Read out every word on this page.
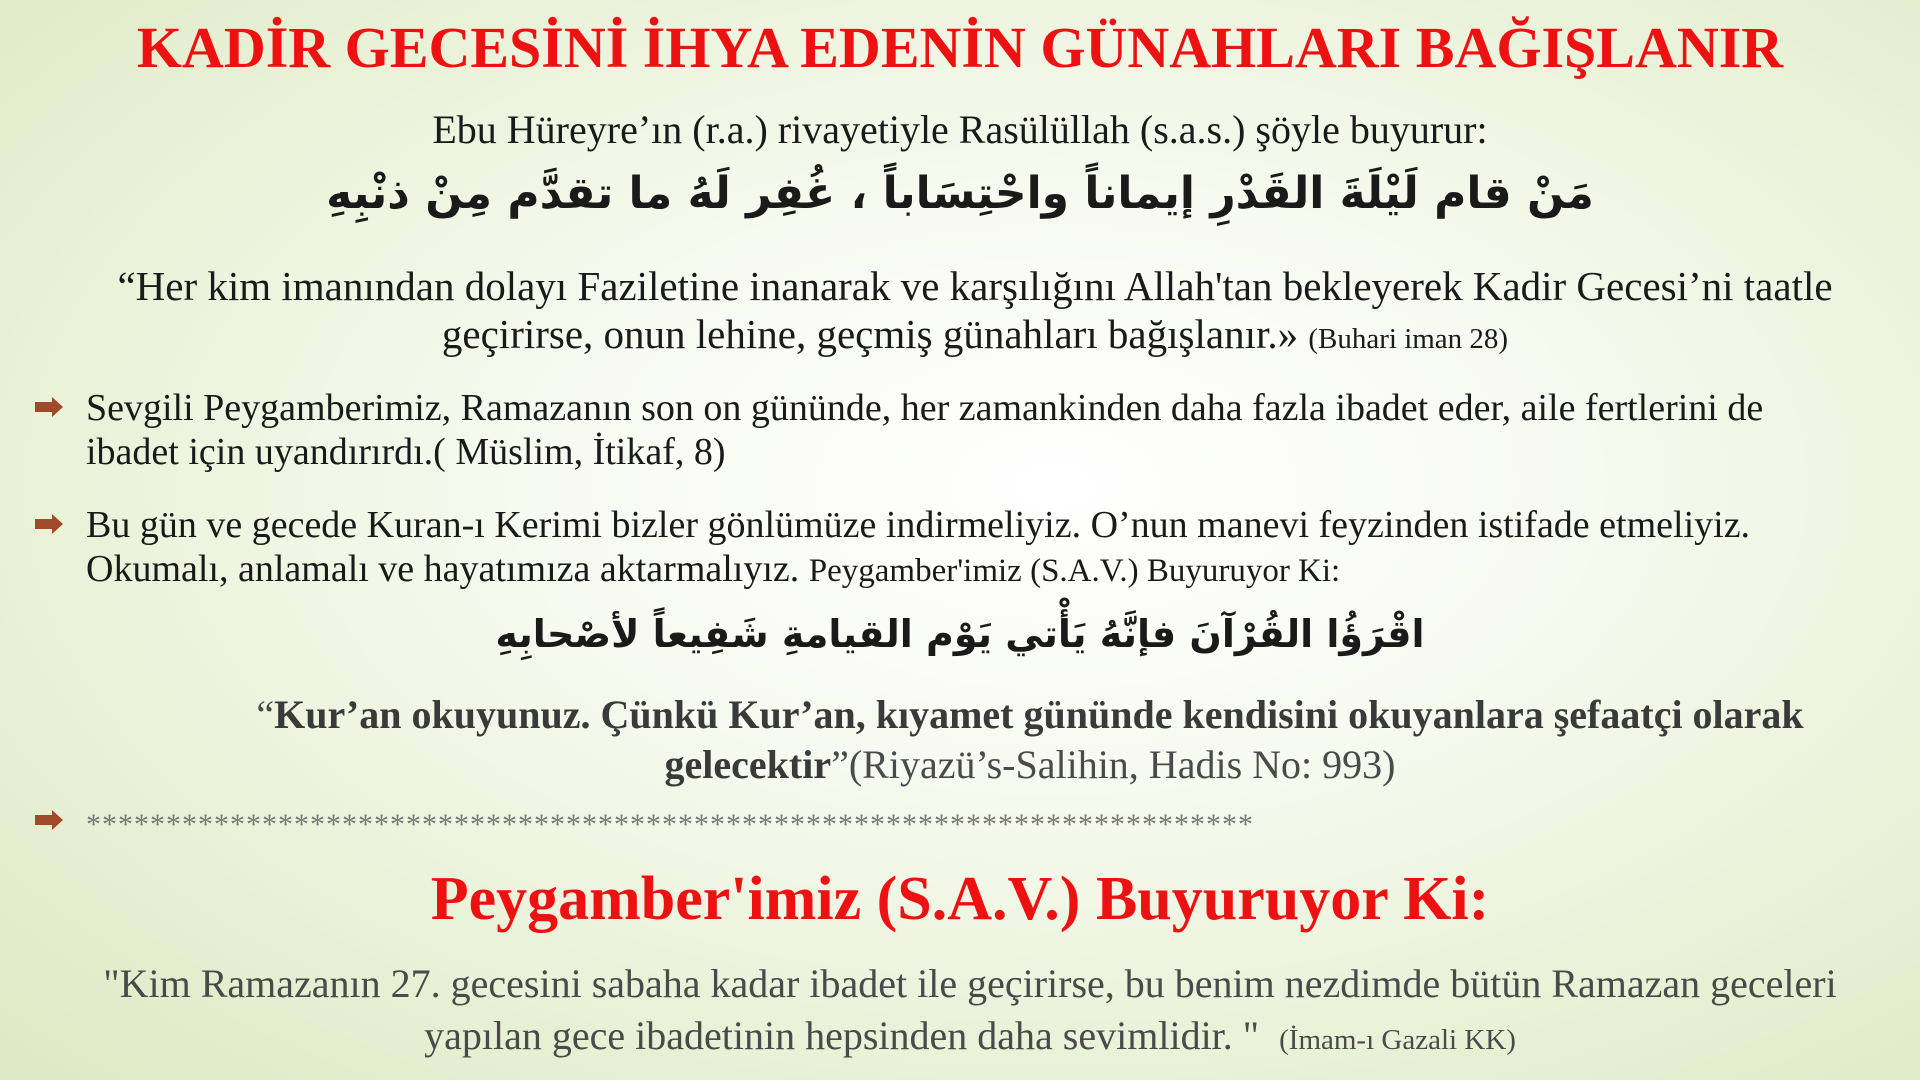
KADİR GECESİNİ İHYA EDENİN GÜNAHLARI BAĞIŞLANIR
Ebu Hüreyre’ın (r.a.) rivayetiyle Rasülüllah (s.a.s.) şöyle buyurur:
مَنْ قام لَيْلَةَ القَدْرِ إيماناً واحْتِسَاباً ، غُفِر لَهُ ما تقدَّم مِنْ ذنْبِهِ
“Her kim imanından dolayı Faziletine inanarak ve karşılığını Allah'tan bekleyerek Kadir Gecesi’ni taatle geçirirse, onun lehine, geçmiş günahları bağışlanır.» (Buhari iman 28)
Sevgili Peygamberimiz, Ramazanın son on gününde, her zamankinden daha fazla ibadet eder, aile fertlerini de ibadet için uyandırırdı.( Müslim, İtikaf, 8)
Bu gün ve gecede Kuran-ı Kerimi bizler gönlümüze indirmeliyiz. O’nun manevi feyzinden istifade etmeliyiz. Okumalı, anlamalı ve hayatımıza aktarmalıyız. Peygamber'imiz (S.A.V.) Buyuruyor Ki:
اقْرَؤُا القُرْآنَ فإنَّهُ يَأْتي يَوْم القيامةِ شَفِيعاً لأصْحابِهِ
“Kur’an okuyunuz. Çünkü Kur’an, kıyamet gününde kendisini okuyanlara şefaatçi olarak gelecektir”(Riyazü’s-Salihin, Hadis No: 993)
*************************************************************************
Peygamber'imiz (S.A.V.) Buyuruyor Ki:
"Kim Ramazanın 27. gecesini sabaha kadar ibadet ile geçirirse, bu benim nezdimde bütün Ramazan geceleri yapılan gece ibadetinin hepsinden daha sevimlidir. " (İmam-ı Gazali KK)
